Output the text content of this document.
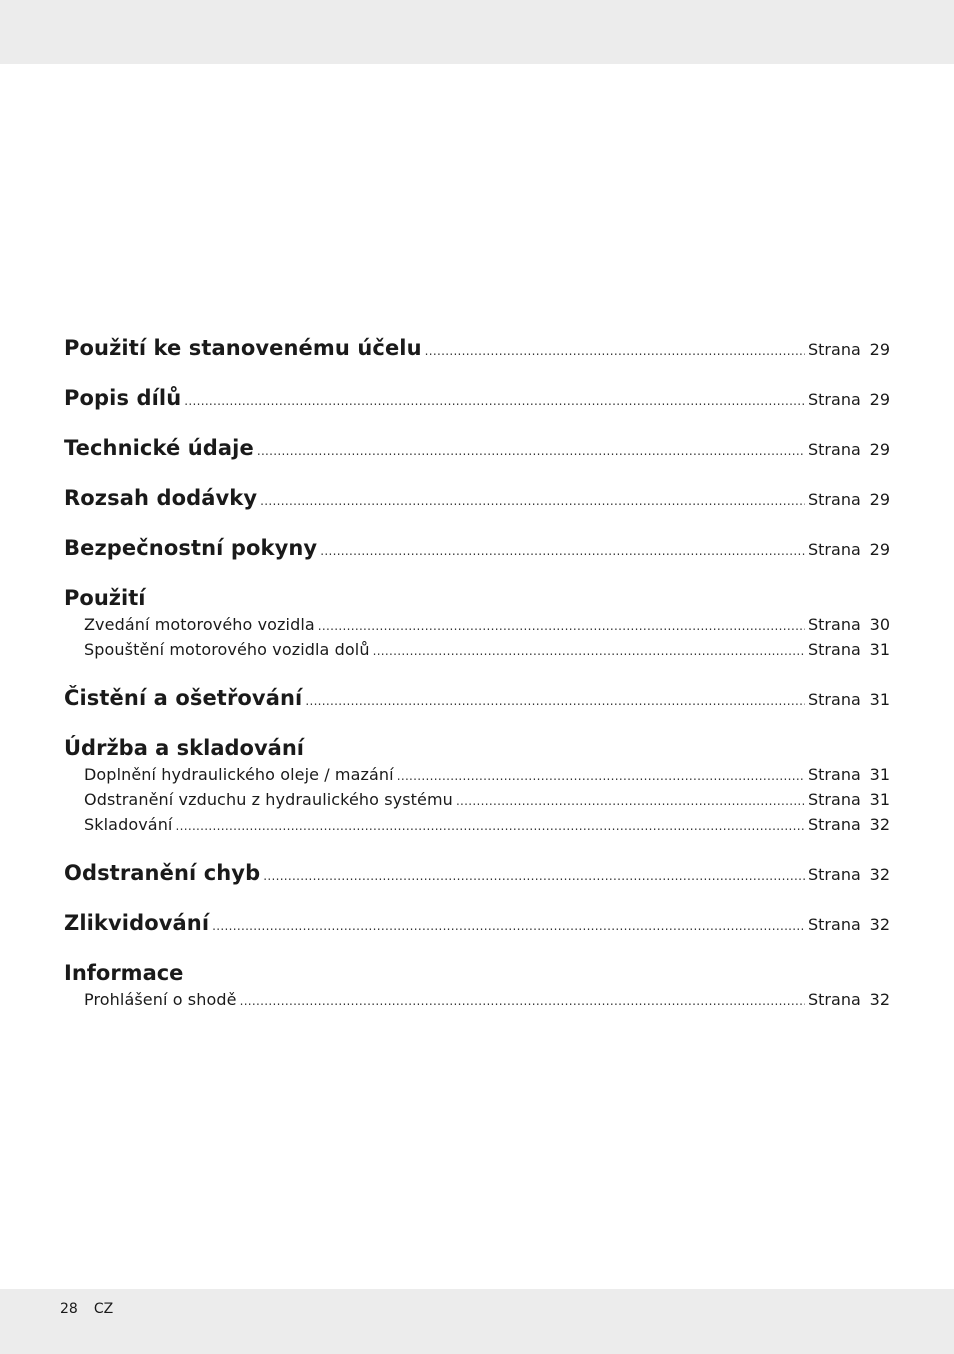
Použití ke stanovenému účelu .....	Strana 29
Popis dílů .....	Strana 29
Technické údaje .....	Strana 29
Rozsah dodávky .....	Strana 29
Bezpečnostní pokyny .....	Strana 29
Použití
Zvedání motorového vozidla .....	Strana 30
Spouštění motorového vozidla dolů .....	Strana 31
Čistění a ošetřování .....	Strana 31
Údržba a skladování
Doplnění hydraulického oleje / mazání .....	Strana 31
Odstranění vzduchu z hydraulického systému .....	Strana 31
Skladování .....	Strana 32
Odstranění chyb .....	Strana 32
Zlikvidování .....	Strana 32
Informace
Prohlášení o shodě .....	Strana 32
28 CZ
